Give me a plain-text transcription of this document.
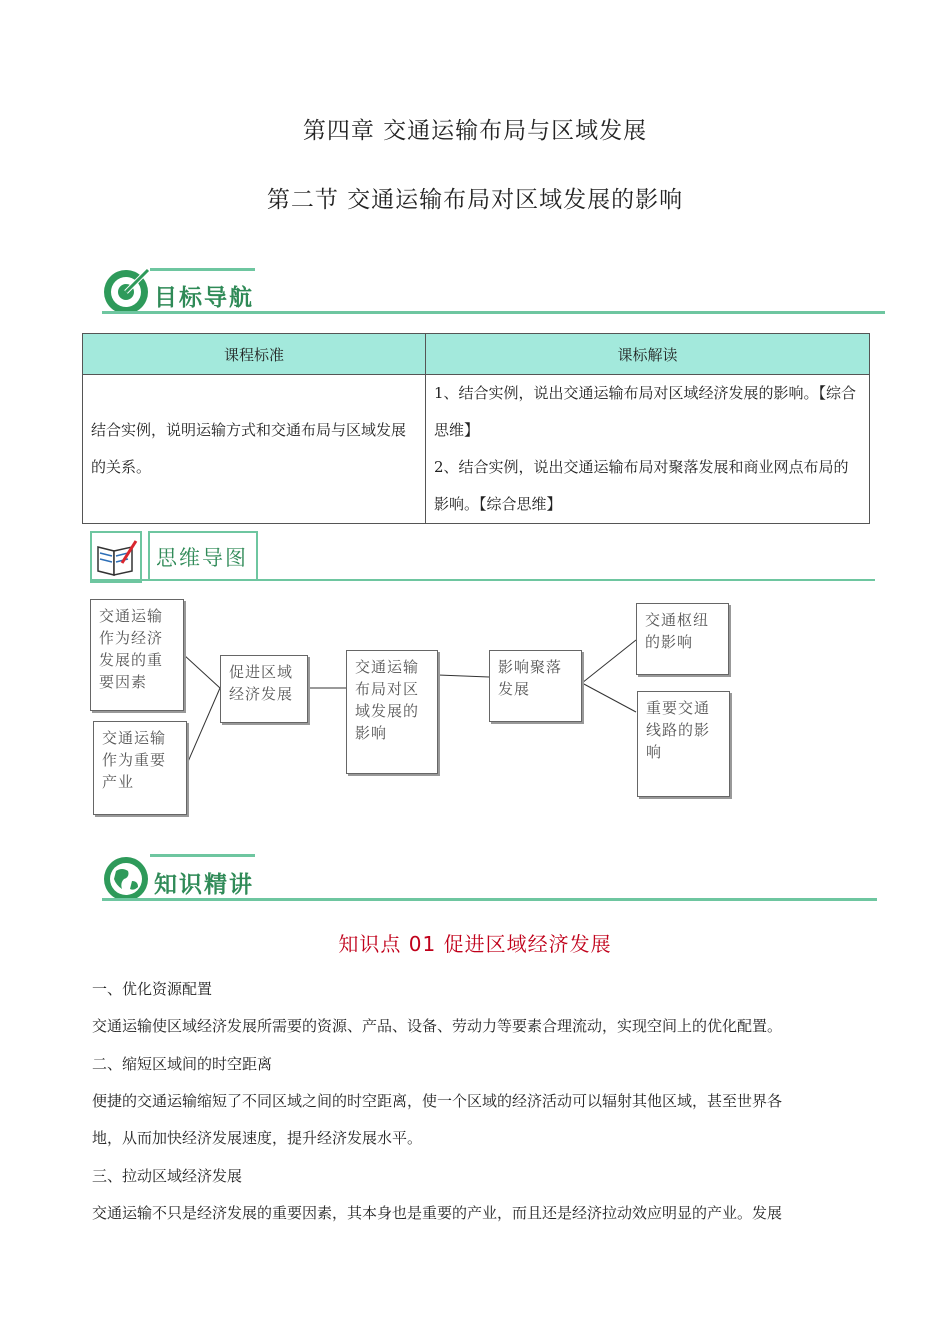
第四章 交通运输布局与区域发展
第二节 交通运输布局对区域发展的影响
目标导航
课程标准	课标解读
结合实例，说明运输方式和交通布局与区域发展的关系。	1、结合实例，说出交通运输布局对区域经济发展的影响。【综合思维】
2、结合实例，说出交通运输布局对聚落发展和商业网点布局的影响。【综合思维】
思维导图
交通运输作为经济发展的重要因素
交通运输作为重要产业
促进区域经济发展
交通运输布局对区域发展的影响
影响聚落发展
交通枢纽的影响
重要交通线路的影响
知识精讲
知识点 01 促进区域经济发展
一、优化资源配置
交通运输使区域经济发展所需要的资源、产品、设备、劳动力等要素合理流动，实现空间上的优化配置。
二、缩短区域间的时空距离
便捷的交通运输缩短了不同区域之间的时空距离，使一个区域的经济活动可以辐射其他区域，甚至世界各
地，从而加快经济发展速度，提升经济发展水平。
三、拉动区域经济发展
交通运输不只是经济发展的重要因素，其本身也是重要的产业，而且还是经济拉动效应明显的产业。发展
